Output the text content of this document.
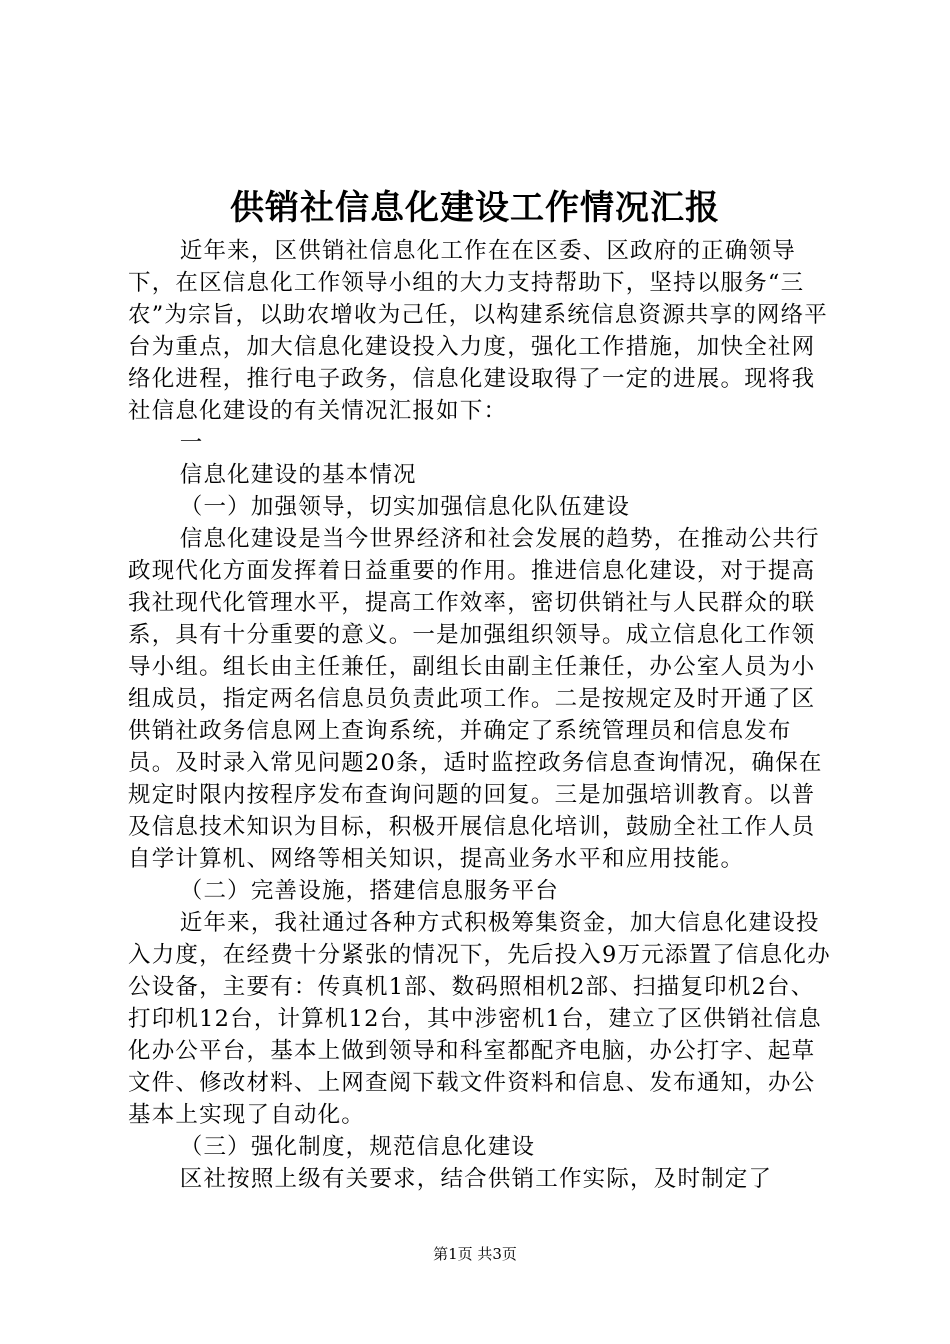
供销社信息化建设工作情况汇报

近年来，区供销社信息化工作在在区委、区政府的正确领导下，在区信息化工作领导小组的大力支持帮助下，坚持以服务“三农”为宗旨，以助农增收为己任，以构建系统信息资源共享的网络平台为重点，加大信息化建设投入力度，强化工作措施，加快全社网络化进程，推行电子政务，信息化建设取得了一定的进展。现将我社信息化建设的有关情况汇报如下：

一

信息化建设的基本情况

（一）加强领导，切实加强信息化队伍建设

信息化建设是当今世界经济和社会发展的趋势，在推动公共行政现代化方面发挥着日益重要的作用。推进信息化建设，对于提高我社现代化管理水平，提高工作效率，密切供销社与人民群众的联系，具有十分重要的意义。一是加强组织领导。成立信息化工作领导小组。组长由主任兼任，副组长由副主任兼任，办公室人员为小组成员，指定两名信息员负责此项工作。二是按规定及时开通了区供销社政务信息网上查询系统，并确定了系统管理员和信息发布员。及时录入常见问题20条，适时监控政务信息查询情况，确保在规定时限内按程序发布查询问题的回复。三是加强培训教育。以普及信息技术知识为目标，积极开展信息化培训，鼓励全社工作人员自学计算机、网络等相关知识，提高业务水平和应用技能。

（二）完善设施，搭建信息服务平台

近年来，我社通过各种方式积极筹集资金，加大信息化建设投入力度，在经费十分紧张的情况下，先后投入9万元添置了信息化办公设备，主要有：传真机1部、数码照相机2部、扫描复印机2台、打印机12台，计算机12台，其中涉密机1台，建立了区供销社信息化办公平台，基本上做到领导和科室都配齐电脑，办公打字、起草文件、修改材料、上网查阅下载文件资料和信息、发布通知，办公基本上实现了自动化。

（三）强化制度，规范信息化建设

区社按照上级有关要求，结合供销工作实际，及时制定了

第1页 共3页
